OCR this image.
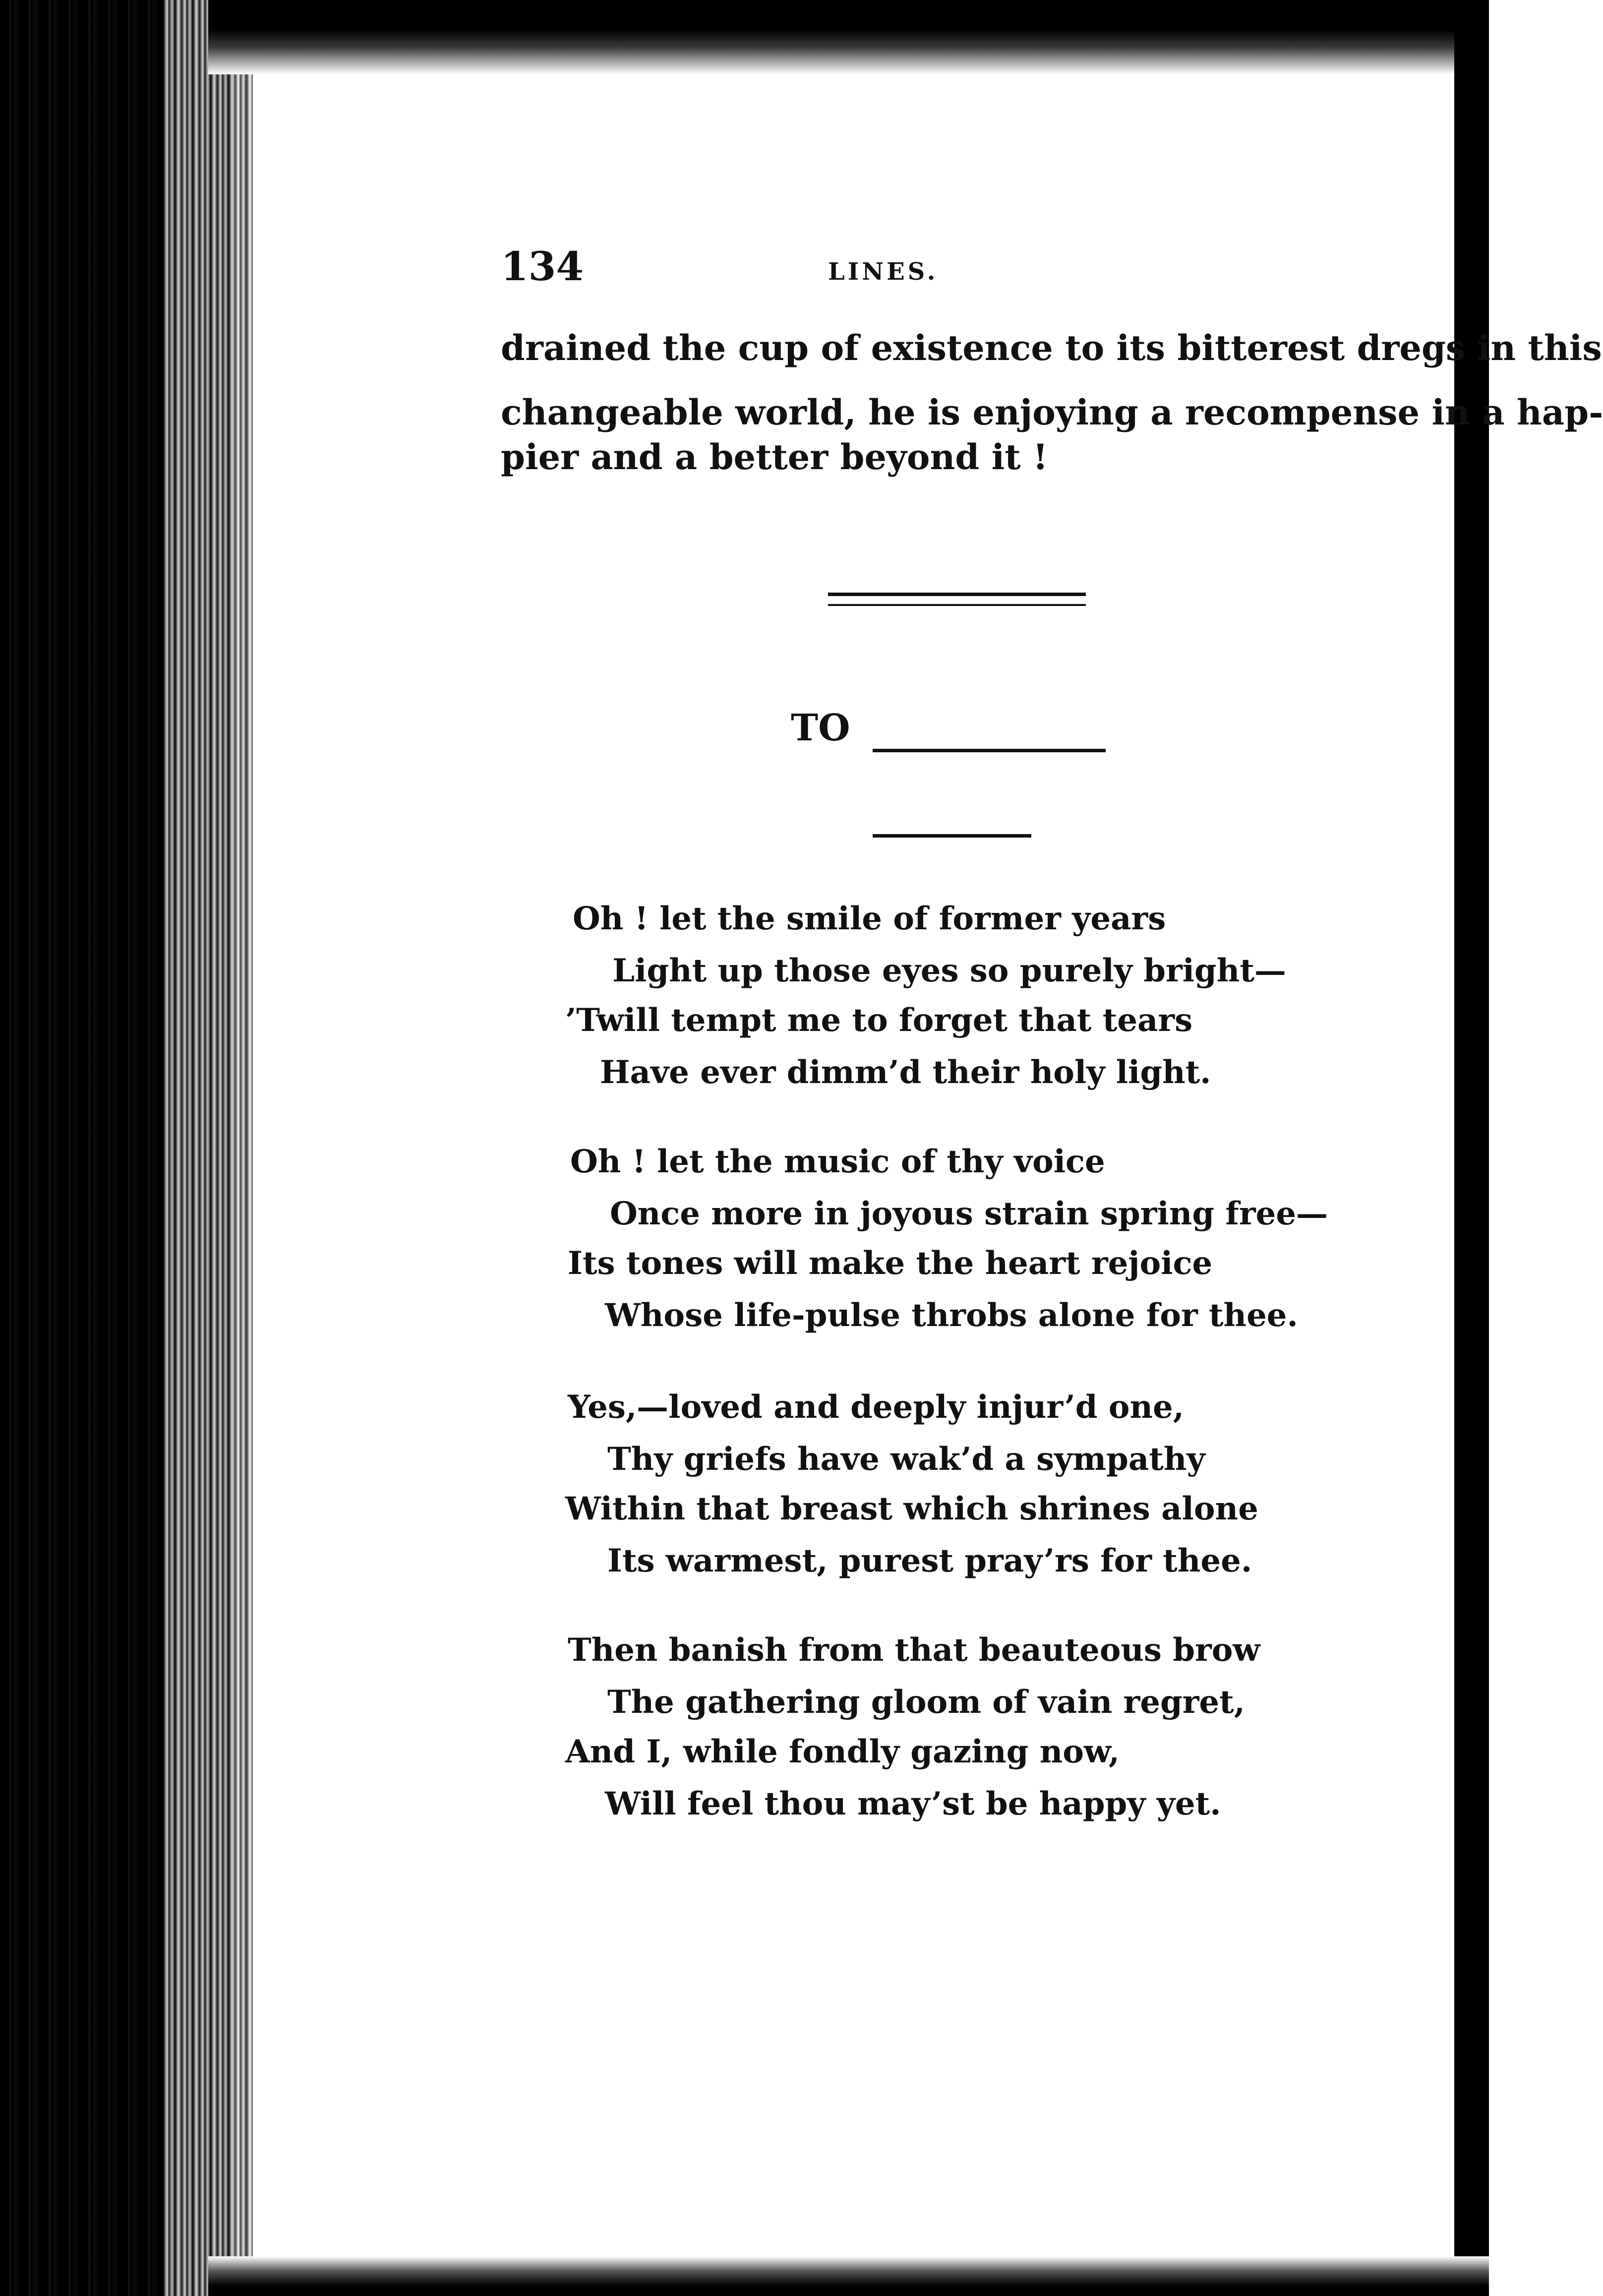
134	LINES.
drained the cup of existence to its bitterest dregs in this
changeable world, he is enjoying a recompense in a hap-
pier and a better beyond it !
TO
Oh ! let the smile of former years
Light up those eyes so purely bright—
’Twill tempt me to forget that tears
Have ever dimm’d their holy light.
Oh ! let the music of thy voice
Once more in joyous strain spring free—
Its tones will make the heart rejoice
Whose life-pulse throbs alone for thee.
Yes,—loved and deeply injur’d one,
Thy griefs have wak’d a sympathy
Within that breast which shrines alone
Its warmest, purest pray’rs for thee.
Then banish from that beauteous brow
The gathering gloom of vain regret,
And I, while fondly gazing now,
Will feel thou may’st be happy yet.
